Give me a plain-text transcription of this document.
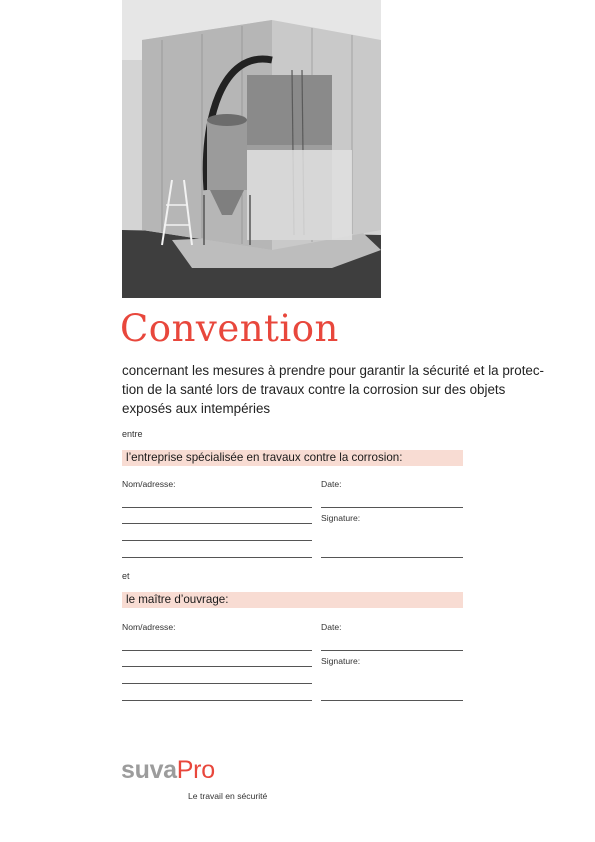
Convention

concernant les mesures à prendre pour garantir la sécurité et la protec-
tion de la santé lors de travaux contre la corrosion sur des objets
exposés aux intempéries

entre
l’entreprise spécialisée en travaux contre la corrosion:
Nom/adresse:	Date:
Signature:
et
le maître d’ouvrage:
Nom/adresse:	Date:
Signature:
suvaPro
Le travail en sécurité
